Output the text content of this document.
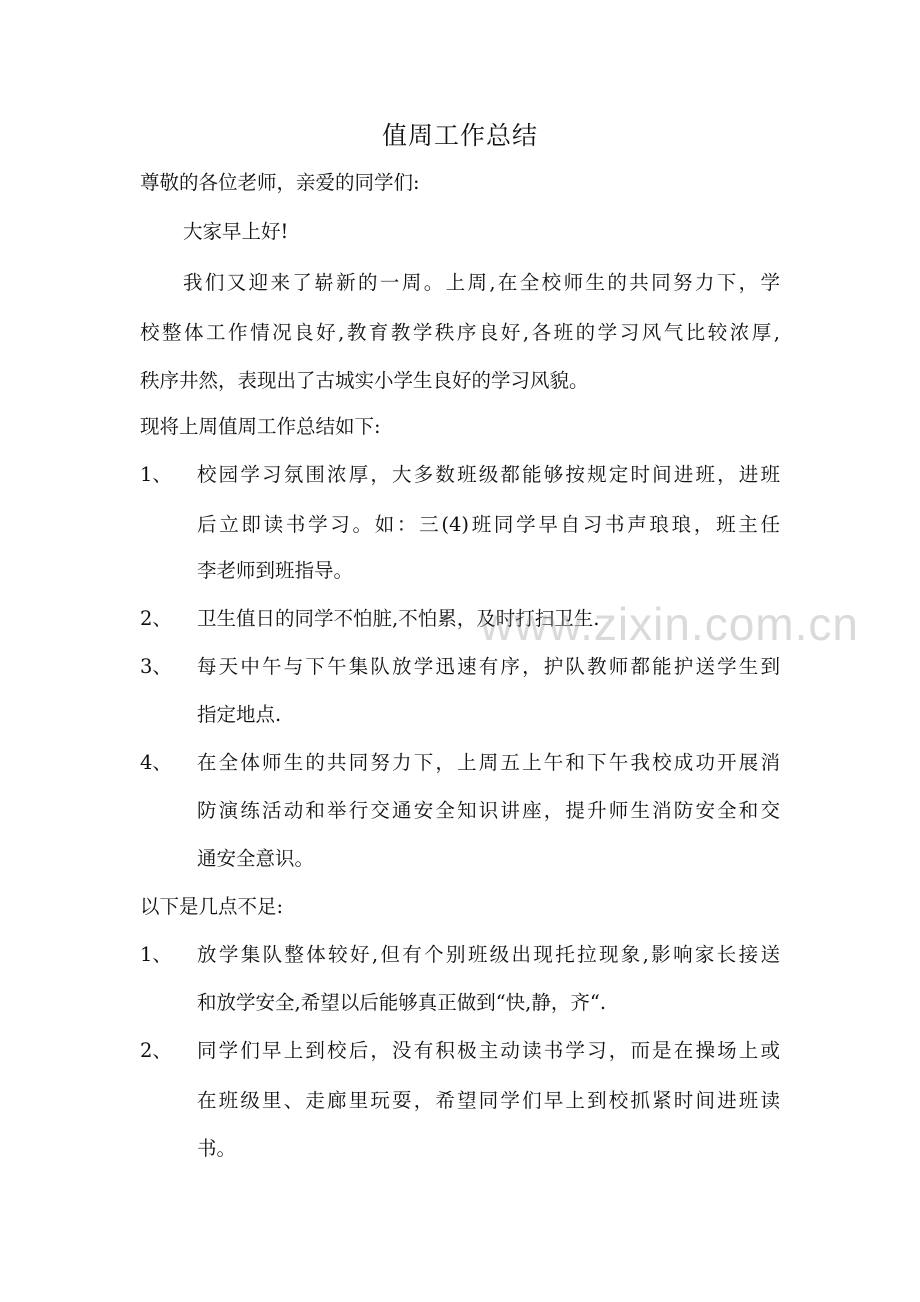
值周工作总结
尊敬的各位老师，亲爱的同学们:
大家早上好!
我们又迎来了崭新的一周。上周,在全校师生的共同努力下，学
校整体工作情况良好,教育教学秩序良好,各班的学习风气比较浓厚,
秩序井然，表现出了古城实小学生良好的学习风貌。
现将上周值周工作总结如下:
1、 校园学习氛围浓厚，大多数班级都能够按规定时间进班，进班
后立即读书学习。如：三(4)班同学早自习书声琅琅，班主任
李老师到班指导。
2、 卫生值日的同学不怕脏,不怕累，及时打扫卫生.
3、 每天中午与下午集队放学迅速有序，护队教师都能护送学生到
指定地点.
4、 在全体师生的共同努力下，上周五上午和下午我校成功开展消
防演练活动和举行交通安全知识讲座，提升师生消防安全和交
通安全意识。
以下是几点不足:
1、 放学集队整体较好,但有个别班级出现托拉现象,影响家长接送
和放学安全,希望以后能够真正做到“快,静，齐“.
2、 同学们早上到校后，没有积极主动读书学习，而是在操场上或
在班级里、走廊里玩耍，希望同学们早上到校抓紧时间进班读
书。
www.zixin.com.cn
